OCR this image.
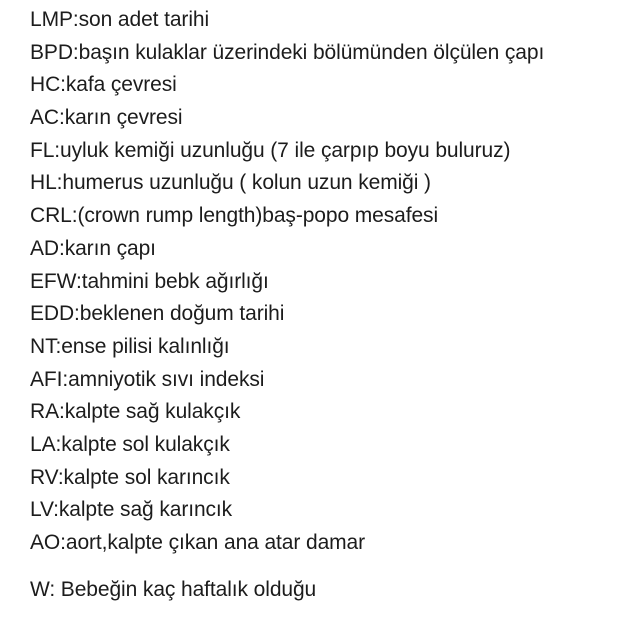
LMP:son adet tarihi
BPD:başın kulaklar üzerindeki bölümünden ölçülen çapı
HC:kafa çevresi
AC:karın çevresi
FL:uyluk kemiği uzunluğu (7 ile çarpıp boyu buluruz)
HL:humerus uzunluğu ( kolun uzun kemiği )
CRL:(crown rump length)baş-popo mesafesi
AD:karın çapı
EFW:tahmini bebk ağırlığı
EDD:beklenen doğum tarihi
NT:ense pilisi kalınlığı
AFI:amniyotik sıvı indeksi
RA:kalpte sağ kulakçık
LA:kalpte sol kulakçık
RV:kalpte sol karıncık
LV:kalpte sağ karıncık
AO:aort,kalpte çıkan ana atar damar
W: Bebeğin kaç haftalık olduğu
